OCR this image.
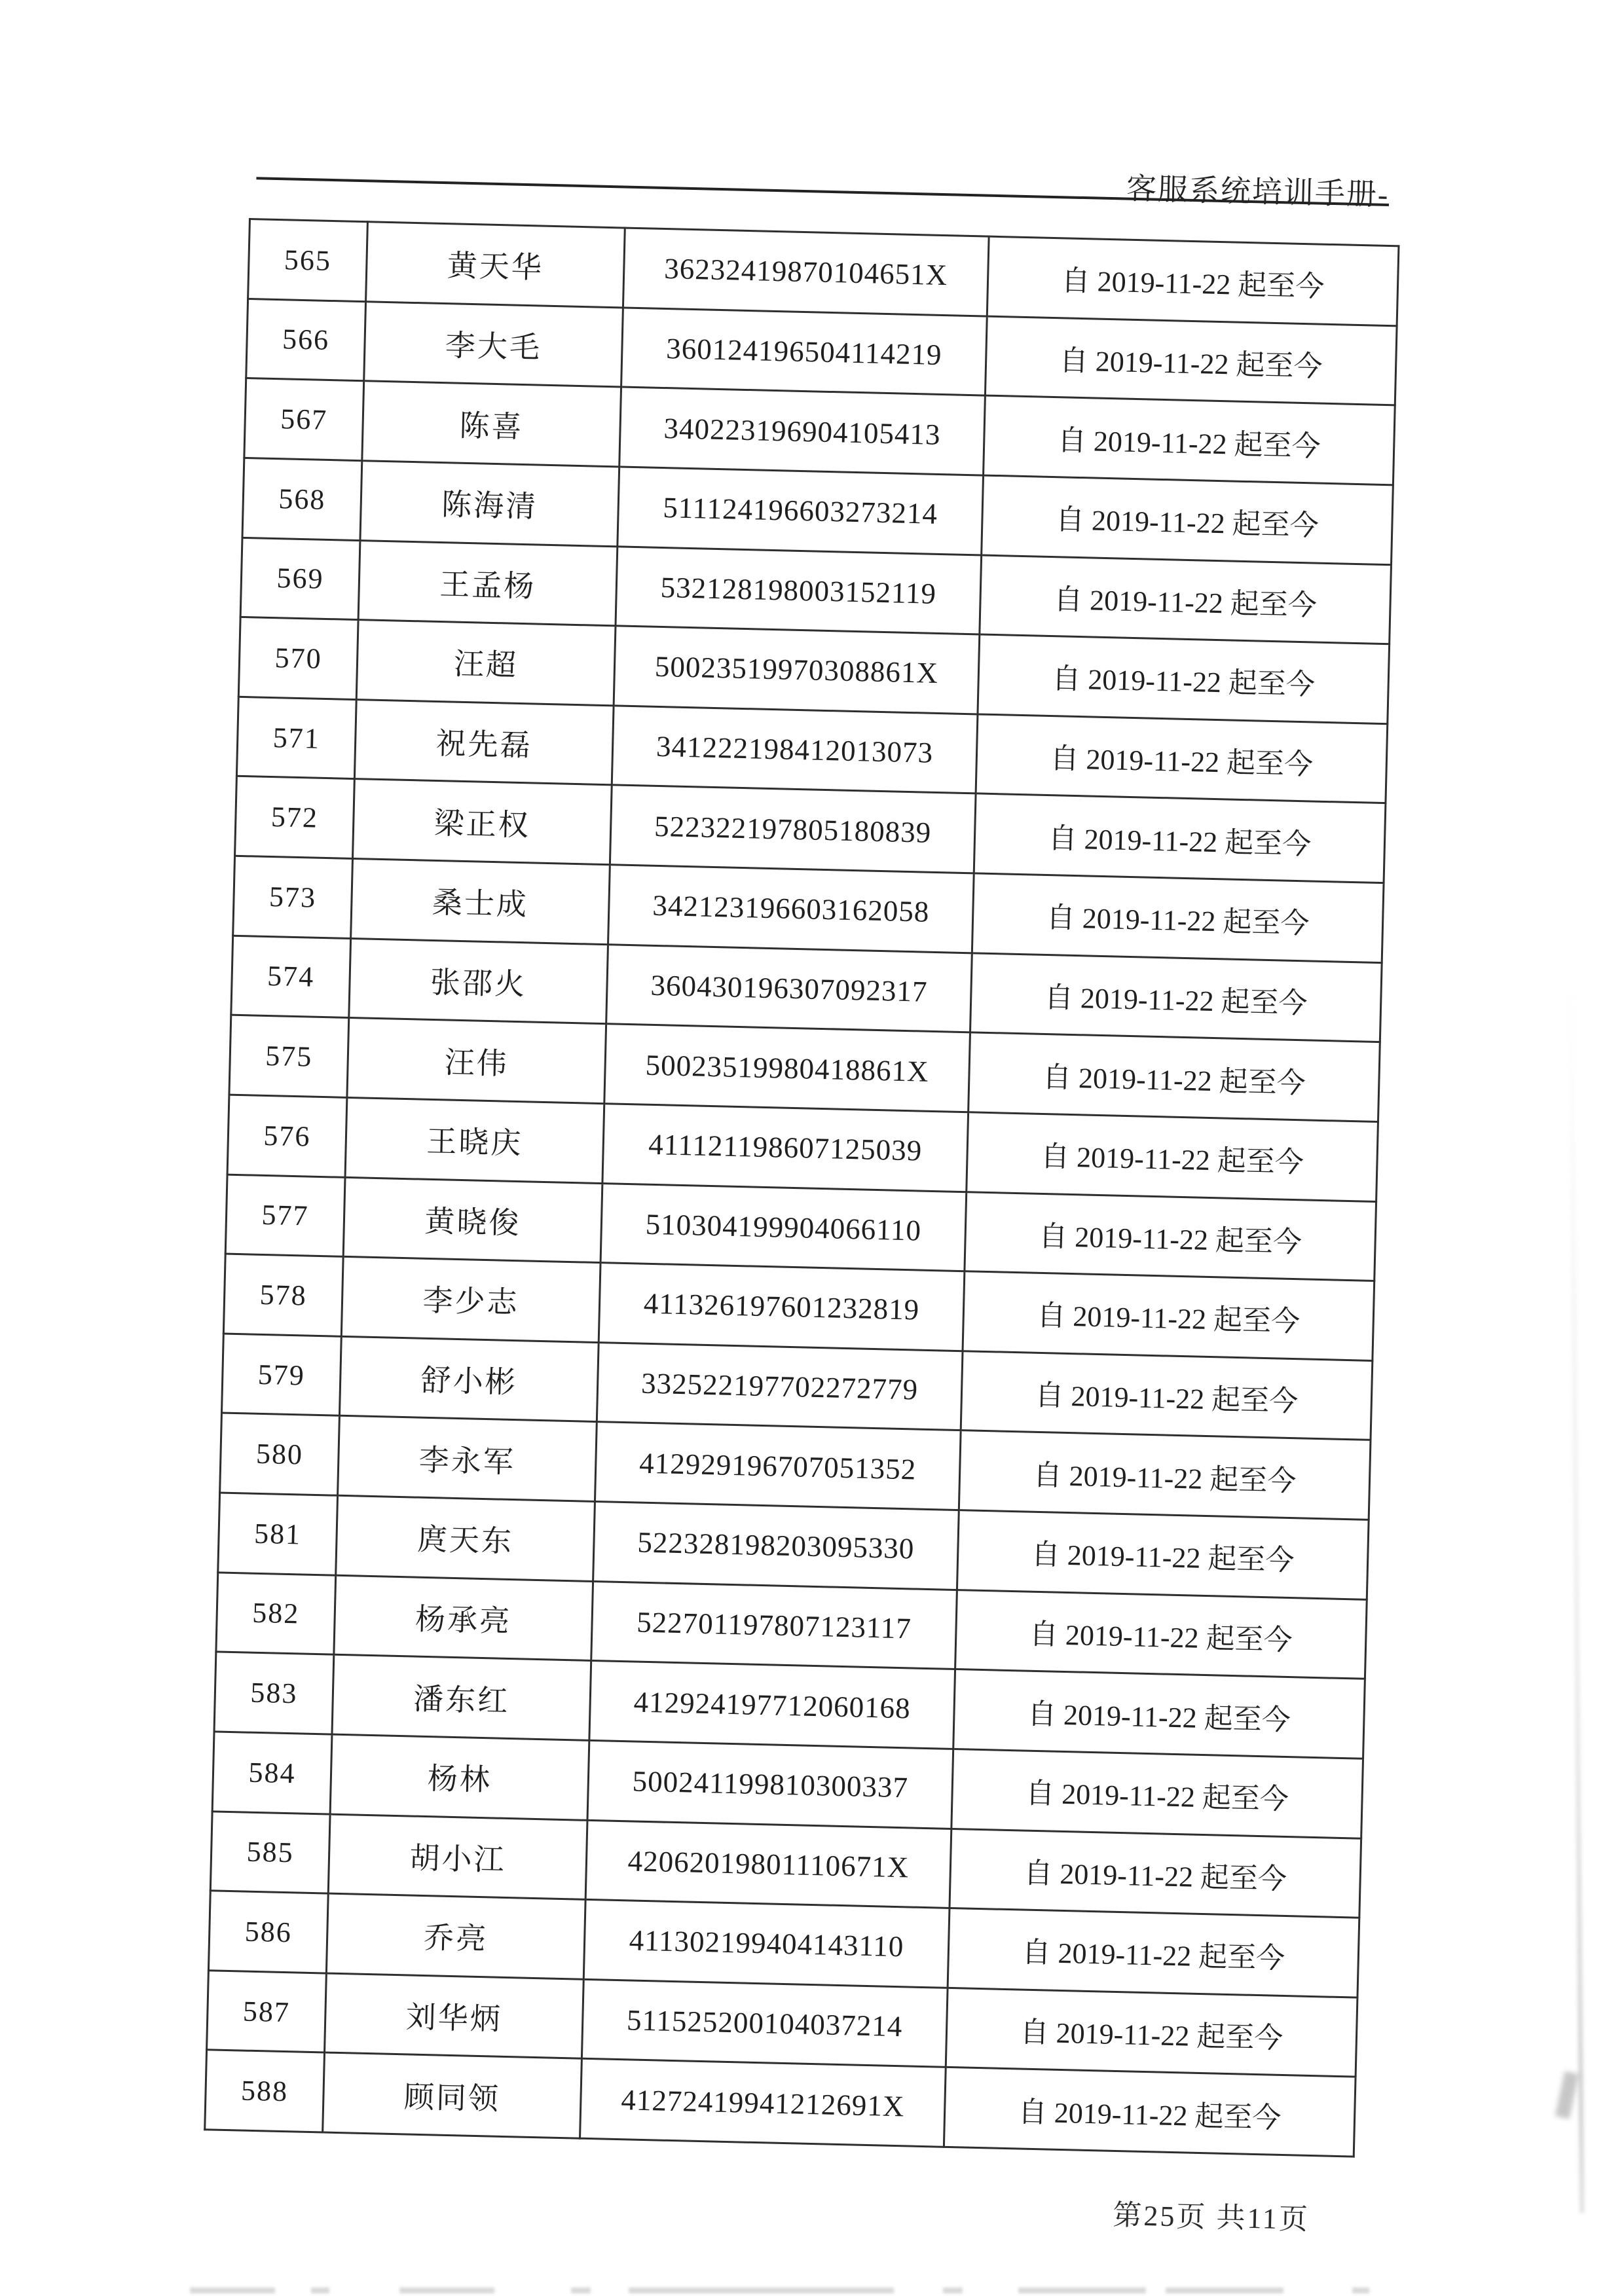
客服系统培训手册-
565	黄天华	36232419870104651X	自 2019-11-22 起至今
566	李大毛	360124196504114219	自 2019-11-22 起至今
567	陈喜	340223196904105413	自 2019-11-22 起至今
568	陈海清	511124196603273214	自 2019-11-22 起至今
569	王孟杨	532128198003152119	自 2019-11-22 起至今
570	汪超	50023519970308861X	自 2019-11-22 起至今
571	祝先磊	341222198412013073	自 2019-11-22 起至今
572	梁正权	522322197805180839	自 2019-11-22 起至今
573	桑士成	342123196603162058	自 2019-11-22 起至今
574	张邵火	360430196307092317	自 2019-11-22 起至今
575	汪伟	50023519980418861X	自 2019-11-22 起至今
576	王晓庆	411121198607125039	自 2019-11-22 起至今
577	黄晓俊	510304199904066110	自 2019-11-22 起至今
578	李少志	411326197601232819	自 2019-11-22 起至今
579	舒小彬	332522197702272779	自 2019-11-22 起至今
580	李永军	412929196707051352	自 2019-11-22 起至今
581	庹天东	522328198203095330	自 2019-11-22 起至今
582	杨承亮	522701197807123117	自 2019-11-22 起至今
583	潘东红	412924197712060168	自 2019-11-22 起至今
584	杨林	500241199810300337	自 2019-11-22 起至今
585	胡小江	42062019801110671X	自 2019-11-22 起至今
586	乔亮	411302199404143110	自 2019-11-22 起至今
587	刘华炳	511525200104037214	自 2019-11-22 起至今
588	顾同领	41272419941212691X	自 2019-11-22 起至今
第25页 共11页
